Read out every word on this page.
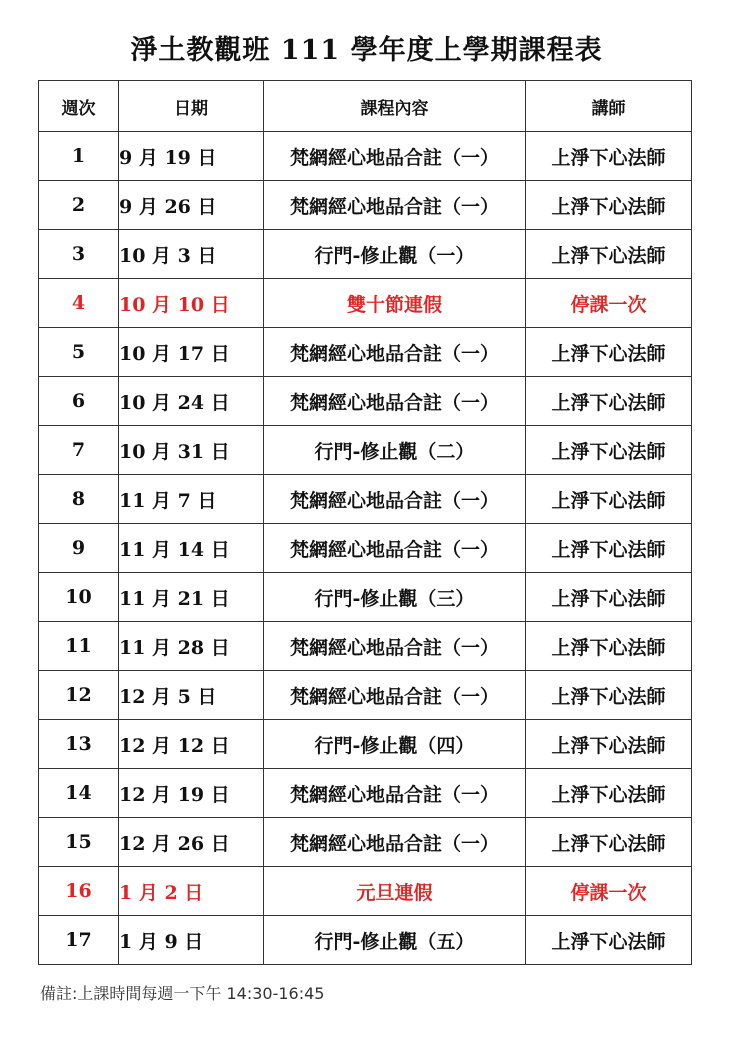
淨土教觀班 111 學年度上學期課程表
週次	日期	課程內容	講師
1	9 月 19 日	梵網經心地品合註（一）	上淨下心法師
2	9 月 26 日	梵網經心地品合註（一）	上淨下心法師
3	10 月 3 日	行門-修止觀（一）	上淨下心法師
4	10 月 10 日	雙十節連假	停課一次
5	10 月 17 日	梵網經心地品合註（一）	上淨下心法師
6	10 月 24 日	梵網經心地品合註（一）	上淨下心法師
7	10 月 31 日	行門-修止觀（二）	上淨下心法師
8	11 月 7 日	梵網經心地品合註（一）	上淨下心法師
9	11 月 14 日	梵網經心地品合註（一）	上淨下心法師
10	11 月 21 日	行門-修止觀（三）	上淨下心法師
11	11 月 28 日	梵網經心地品合註（一）	上淨下心法師
12	12 月 5 日	梵網經心地品合註（一）	上淨下心法師
13	12 月 12 日	行門-修止觀（四）	上淨下心法師
14	12 月 19 日	梵網經心地品合註（一）	上淨下心法師
15	12 月 26 日	梵網經心地品合註（一）	上淨下心法師
16	1 月 2 日	元旦連假	停課一次
17	1 月 9 日	行門-修止觀（五）	上淨下心法師
備註:上課時間每週一下午 14:30-16:45
